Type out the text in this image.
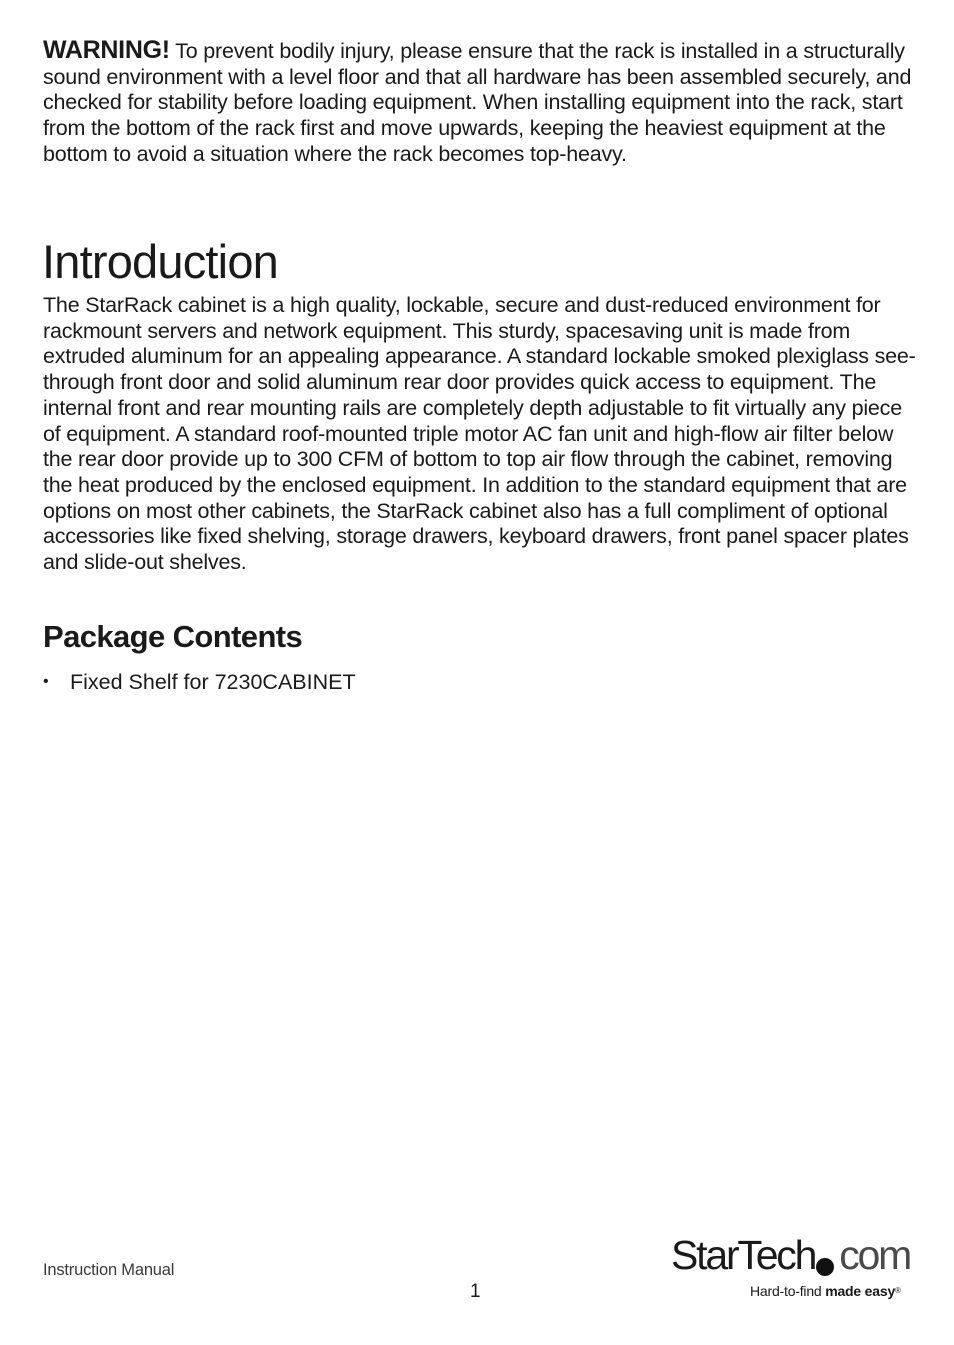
WARNING! To prevent bodily injury, please ensure that the rack is installed in a structurally sound environment with a level floor and that all hardware has been assembled securely, and checked for stability before loading equipment. When installing equipment into the rack, start from the bottom of the rack first and move upwards, keeping the heaviest equipment at the bottom to avoid a situation where the rack becomes top-heavy.

Introduction

The StarRack cabinet is a high quality, lockable, secure and dust-reduced environment for rackmount servers and network equipment. This sturdy, spacesaving unit is made from extruded aluminum for an appealing appearance. A standard lockable smoked plexiglass see-through front door and solid aluminum rear door provides quick access to equipment. The internal front and rear mounting rails are completely depth adjustable to fit virtually any piece of equipment. A standard roof-mounted triple motor AC fan unit and high-flow air filter below the rear door provide up to 300 CFM of bottom to top air flow through the cabinet, removing the heat produced by the enclosed equipment. In addition to the standard equipment that are options on most other cabinets, the StarRack cabinet also has a full compliment of optional accessories like fixed shelving, storage drawers, keyboard drawers, front panel spacer plates and slide-out shelves.

Package Contents
• Fixed Shelf for 7230CABINET
Instruction Manual
1
StarTech com
Hard-to-find made easy®
